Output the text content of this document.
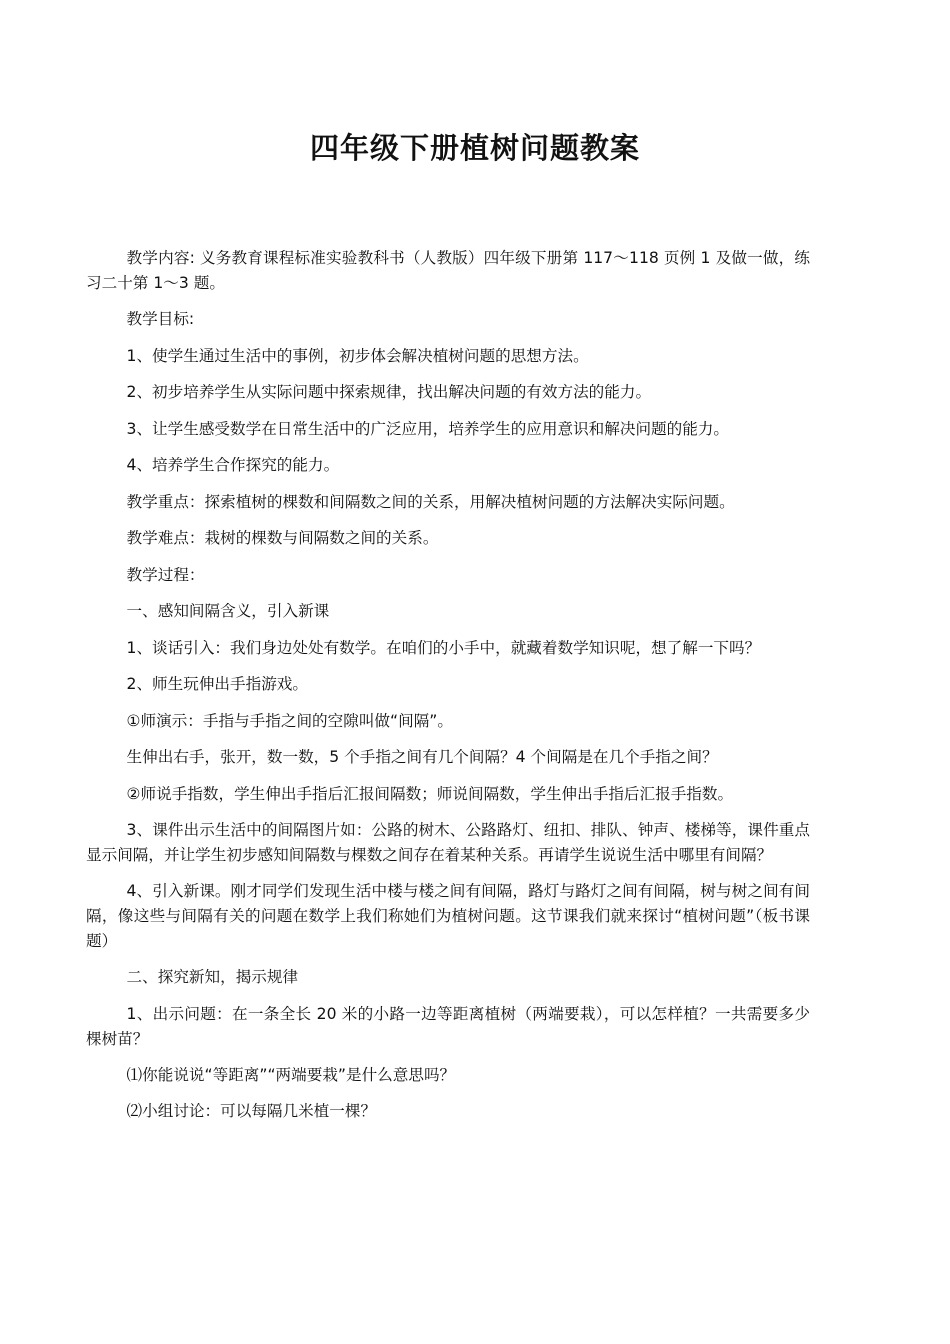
四年级下册植树问题教案

教学内容: 义务教育课程标准实验教科书（人教版）四年级下册第 117～118 页例 1 及做一做，练习二十第 1～3 题。

教学目标:

1、使学生通过生活中的事例，初步体会解决植树问题的思想方法。

2、初步培养学生从实际问题中探索规律，找出解决问题的有效方法的能力。

3、让学生感受数学在日常生活中的广泛应用，培养学生的应用意识和解决问题的能力。

4、培养学生合作探究的能力。

教学重点：探索植树的棵数和间隔数之间的关系，用解决植树问题的方法解决实际问题。

教学难点：栽树的棵数与间隔数之间的关系。

教学过程：

一、感知间隔含义，引入新课

1、谈话引入：我们身边处处有数学。在咱们的小手中，就藏着数学知识呢，想了解一下吗？

2、师生玩伸出手指游戏。

①师演示：手指与手指之间的空隙叫做“间隔”。

生伸出右手，张开，数一数，5 个手指之间有几个间隔？4 个间隔是在几个手指之间？

②师说手指数，学生伸出手指后汇报间隔数；师说间隔数，学生伸出手指后汇报手指数。

3、课件出示生活中的间隔图片如：公路的树木、公路路灯、纽扣、排队、钟声、楼梯等，课件重点显示间隔，并让学生初步感知间隔数与棵数之间存在着某种关系。再请学生说说生活中哪里有间隔？

4、引入新课。刚才同学们发现生活中楼与楼之间有间隔，路灯与路灯之间有间隔，树与树之间有间隔，像这些与间隔有关的问题在数学上我们称她们为植树问题。这节课我们就来探讨“植树问题”（板书课题）

二、探究新知，揭示规律

1、出示问题：在一条全长 20 米的小路一边等距离植树（两端要栽），可以怎样植？一共需要多少棵树苗？

⑴你能说说“等距离”“两端要栽”是什么意思吗？

⑵小组讨论：可以每隔几米植一棵？
